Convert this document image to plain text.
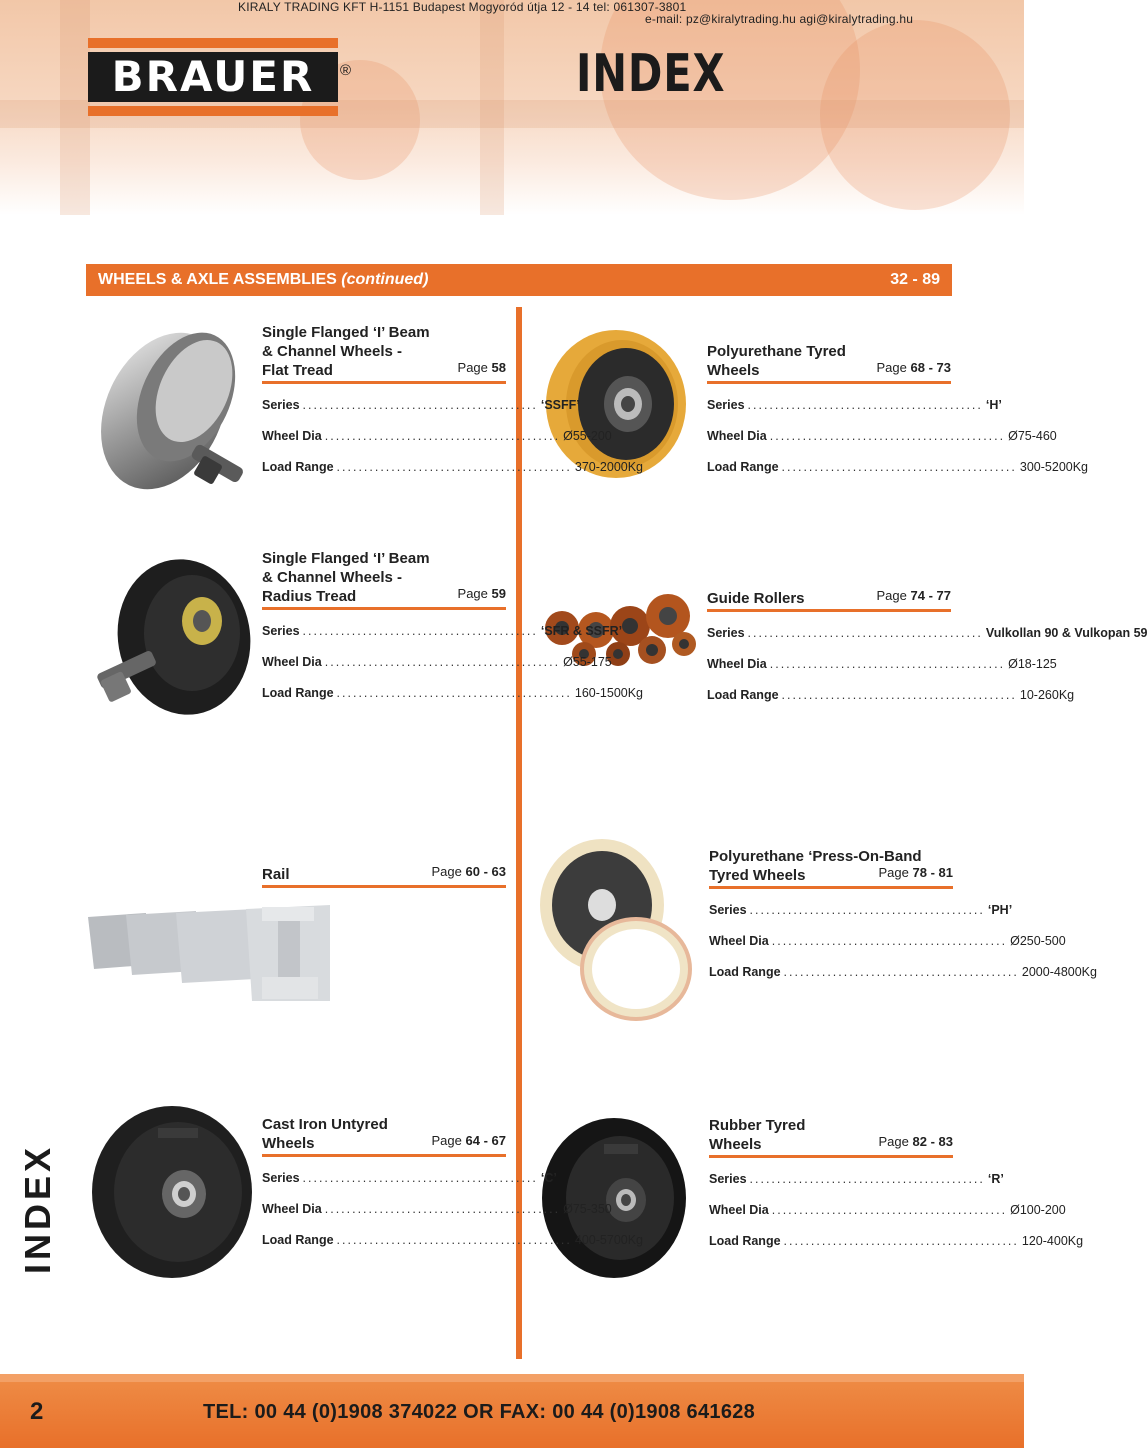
KIRALY TRADING KFT H-1151 Budapest Mogyoród útja 12 - 14 tel: 061307-3801
e-mail: pz@kiralytrading.hu agi@kiralytrading.hu
BRAUER	®	INDEX
WHEELS & AXLE ASSEMBLIES (continued)	32 - 89
INDEX
Single Flanged ‘I’ Beam
& Channel Wheels -
Flat Tread	Page 58
Series ........................................... ‘SSFF’
Wheel Dia ........................................... Ø55-200
Load Range ........................................... 370-2000Kg
Polyurethane Tyred
Wheels	Page 68 - 73
Series ........................................... ‘H’
Wheel Dia ........................................... Ø75-460
Load Range ........................................... 300-5200Kg
Single Flanged ‘I’ Beam
& Channel Wheels -
Radius Tread	Page 59
Series ........................................... ‘SFR & SSFR’
Wheel Dia ........................................... Ø55-175
Load Range ........................................... 160-1500Kg
Guide Rollers	Page 74 - 77
Series ........................................... Vulkollan 90 & Vulkopan 59
Wheel Dia ........................................... Ø18-125
Load Range ........................................... 10-260Kg
Rail	Page 60 - 63
Polyurethane ‘Press-On-Band
Tyred Wheels	Page 78 - 81
Series ........................................... ‘PH’
Wheel Dia ........................................... Ø250-500
Load Range ........................................... 2000-4800Kg
Cast Iron Untyred
Wheels	Page 64 - 67
Series ........................................... ‘C’
Wheel Dia ........................................... Ø75-350
Load Range ........................................... 400-5700Kg
Rubber Tyred
Wheels	Page 82 - 83
Series ........................................... ‘R’
Wheel Dia ........................................... Ø100-200
Load Range ........................................... 120-400Kg
2	TEL: 00 44 (0)1908 374022 OR FAX: 00 44 (0)1908 641628
